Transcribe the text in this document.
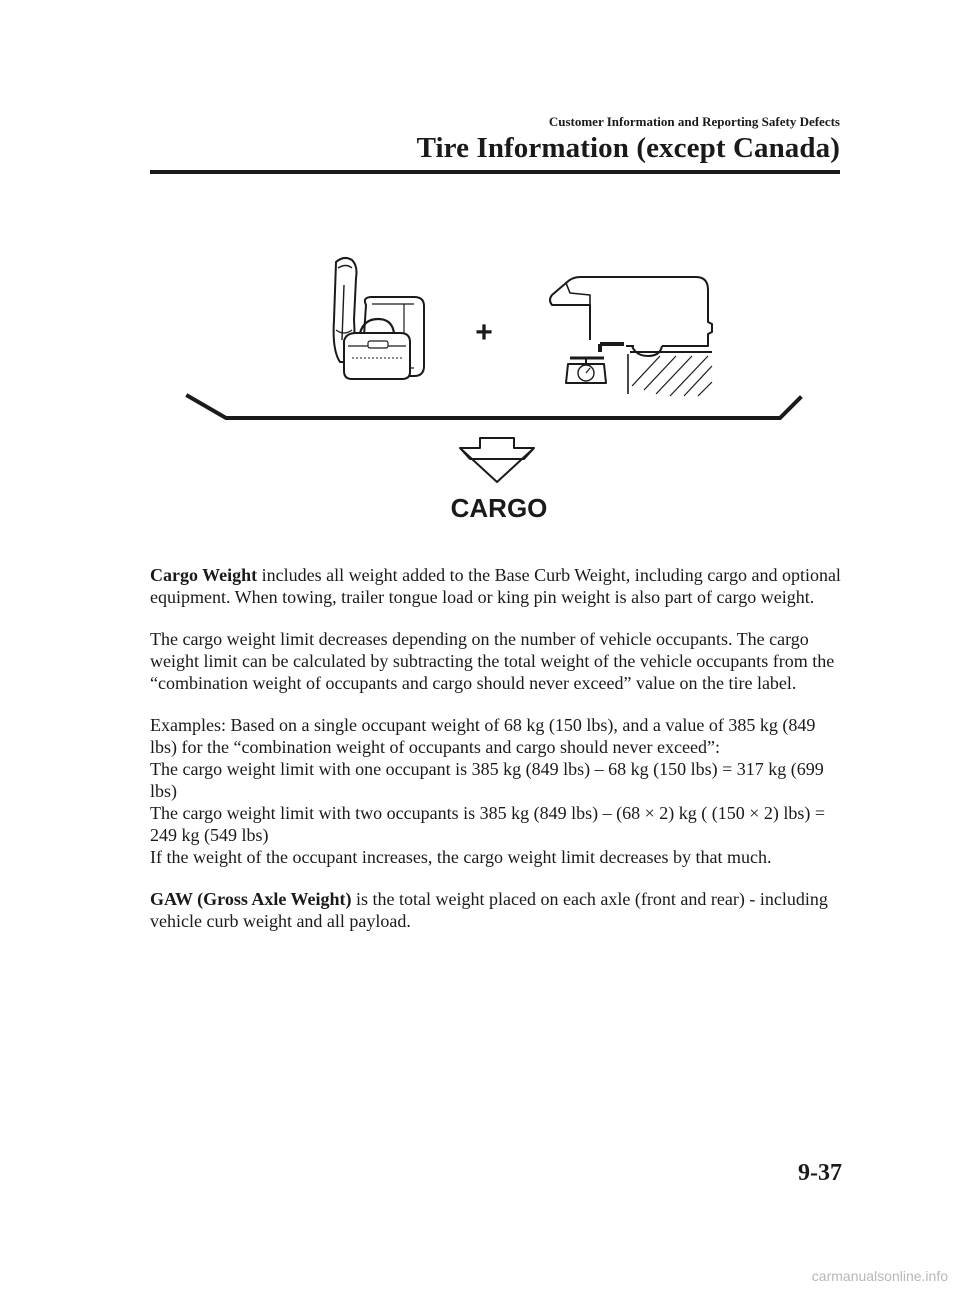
Customer Information and Reporting Safety Defects
Tire Information (except Canada)
+
CARGO

Cargo Weight includes all weight added to the Base Curb Weight, including cargo and optional equipment. When towing, trailer tongue load or king pin weight is also part of cargo weight.

The cargo weight limit decreases depending on the number of vehicle occupants. The cargo weight limit can be calculated by subtracting the total weight of the vehicle occupants from the “combination weight of occupants and cargo should never exceed” value on the tire label.

Examples: Based on a single occupant weight of 68 kg (150 lbs), and a value of 385 kg (849 lbs) for the “combination weight of occupants and cargo should never exceed”:
The cargo weight limit with one occupant is 385 kg (849 lbs) – 68 kg (150 lbs) = 317 kg (699 lbs)
The cargo weight limit with two occupants is 385 kg (849 lbs) – (68 × 2) kg ( (150 × 2) lbs) = 249 kg (549 lbs)
If the weight of the occupant increases, the cargo weight limit decreases by that much.

GAW (Gross Axle Weight) is the total weight placed on each axle (front and rear) - including vehicle curb weight and all payload.

9-37
carmanualsonline.info
